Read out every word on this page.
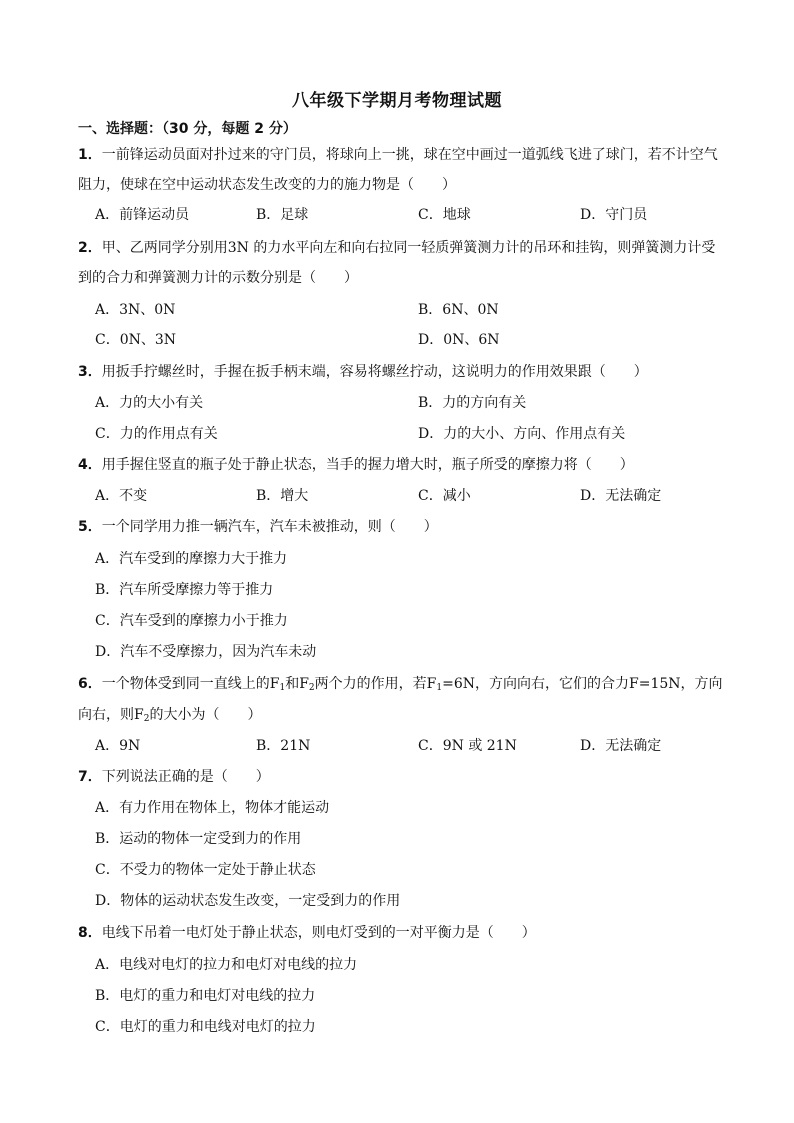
八年级下学期月考物理试题
一、选择题：（30 分，每题 2 分）
1．一前锋运动员面对扑过来的守门员，将球向上一挑，球在空中画过一道弧线飞进了球门，若不计空气
阻力，使球在空中运动状态发生改变的力的施力物是（　　）
A．前锋运动员	B．足球	C．地球	D．守门员
2．甲、乙两同学分别用3N 的力水平向左和向右拉同一轻质弹簧测力计的吊环和挂钩，则弹簧测力计受
到的合力和弹簧测力计的示数分别是（　　）
A．3N、0N	B．6N、0N
C．0N、3N	D．0N、6N
3．用扳手拧螺丝时，手握在扳手柄末端，容易将螺丝拧动，这说明力的作用效果跟（　　）
A．力的大小有关	B．力的方向有关
C．力的作用点有关	D．力的大小、方向、作用点有关
4．用手握住竖直的瓶子处于静止状态，当手的握力增大时，瓶子所受的摩擦力将（　　）
A．不变	B．增大	C．减小	D．无法确定
5．一个同学用力推一辆汽车，汽车未被推动，则（　　）
A．汽车受到的摩擦力大于推力
B．汽车所受摩擦力等于推力
C．汽车受到的摩擦力小于推力
D．汽车不受摩擦力，因为汽车未动
6．一个物体受到同一直线上的$F_1$和$F_2$两个力的作用，若$F_1=6N$，方向向右，它们的合力F=15N，方向
向右，则$F_2$的大小为（　　）
A．9N	B．21N	C．9N 或 21N	D．无法确定
7．下列说法正确的是（　　）
A．有力作用在物体上，物体才能运动
B．运动的物体一定受到力的作用
C．不受力的物体一定处于静止状态
D．物体的运动状态发生改变，一定受到力的作用
8．电线下吊着一电灯处于静止状态，则电灯受到的一对平衡力是（　　）
A．电线对电灯的拉力和电灯对电线的拉力
B．电灯的重力和电灯对电线的拉力
C．电灯的重力和电线对电灯的拉力
